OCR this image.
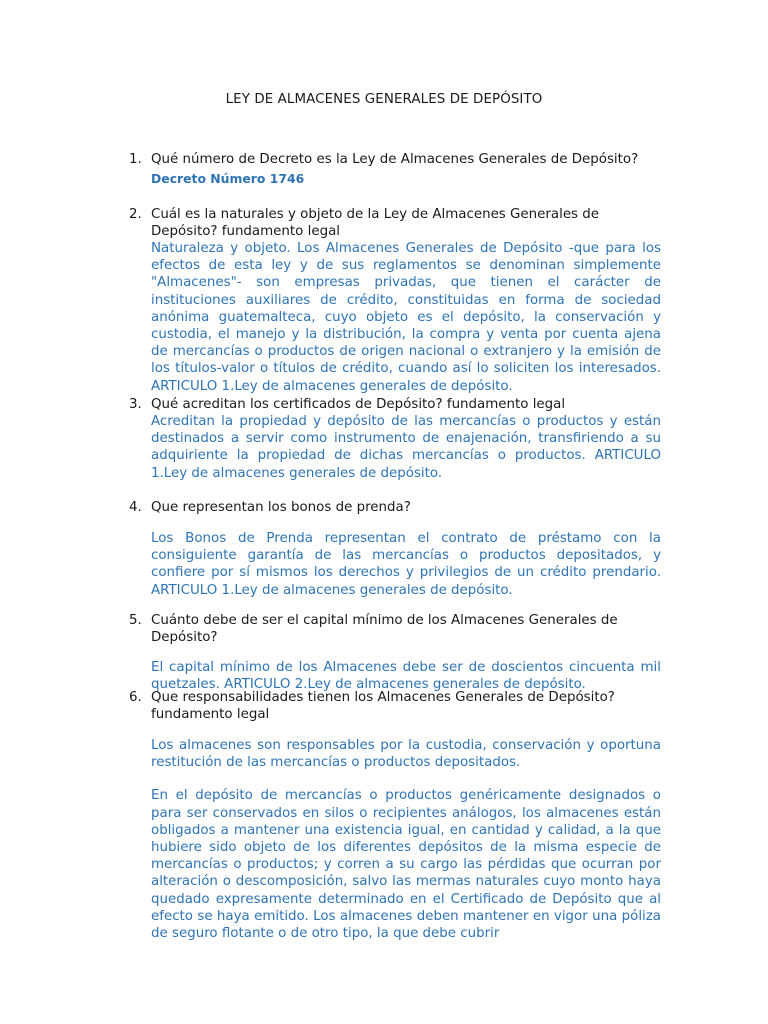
LEY DE ALMACENES GENERALES DE DEPÓSITO
1. Qué número de Decreto es la Ley de Almacenes Generales de Depósito?
Decreto Número 1746
2. Cuál es la naturales y objeto de la Ley de Almacenes Generales de Depósito? fundamento legal
Naturaleza y objeto. Los Almacenes Generales de Depósito -que para los efectos de esta ley y de sus reglamentos se denominan simplemente "Almacenes"- son empresas privadas, que tienen el carácter de instituciones auxiliares de crédito, constituidas en forma de sociedad anónima guatemalteca, cuyo objeto es el depósito, la conservación y custodia, el manejo y la distribución, la compra y venta por cuenta ajena de mercancías o productos de origen nacional o extranjero y la emisión de los títulos-valor o títulos de crédito, cuando así lo soliciten los interesados. ARTICULO 1.Ley de almacenes generales de depósito.
3. Qué acreditan los certificados de Depósito? fundamento legal
Acreditan la propiedad y depósito de las mercancías o productos y están destinados a servir como instrumento de enajenación, transfiriendo a su adquiriente la propiedad de dichas mercancías o productos. ARTICULO 1.Ley de almacenes generales de depósito.
4. Que representan los bonos de prenda?
Los Bonos de Prenda representan el contrato de préstamo con la consiguiente garantía de las mercancías o productos depositados, y confiere por sí mismos los derechos y privilegios de un crédito prendario. ARTICULO 1.Ley de almacenes generales de depósito.
5. Cuánto debe de ser el capital mínimo de los Almacenes Generales de Depósito?
El capital mínimo de los Almacenes debe ser de doscientos cincuenta mil quetzales. ARTICULO 2.Ley de almacenes generales de depósito.
6. Que responsabilidades tienen los Almacenes Generales de Depósito? fundamento legal
Los almacenes son responsables por la custodia, conservación y oportuna restitución de las mercancías o productos depositados.
En el depósito de mercancías o productos genéricamente designados o para ser conservados en silos o recipientes análogos, los almacenes están obligados a mantener una existencia igual, en cantidad y calidad, a la que hubiere sido objeto de los diferentes depósitos de la misma especie de mercancías o productos; y corren a su cargo las pérdidas que ocurran por alteración o descomposición, salvo las mermas naturales cuyo monto haya quedado expresamente determinado en el Certificado de Depósito que al efecto se haya emitido. Los almacenes deben mantener en vigor una póliza de seguro flotante o de otro tipo, la que debe cubrir
